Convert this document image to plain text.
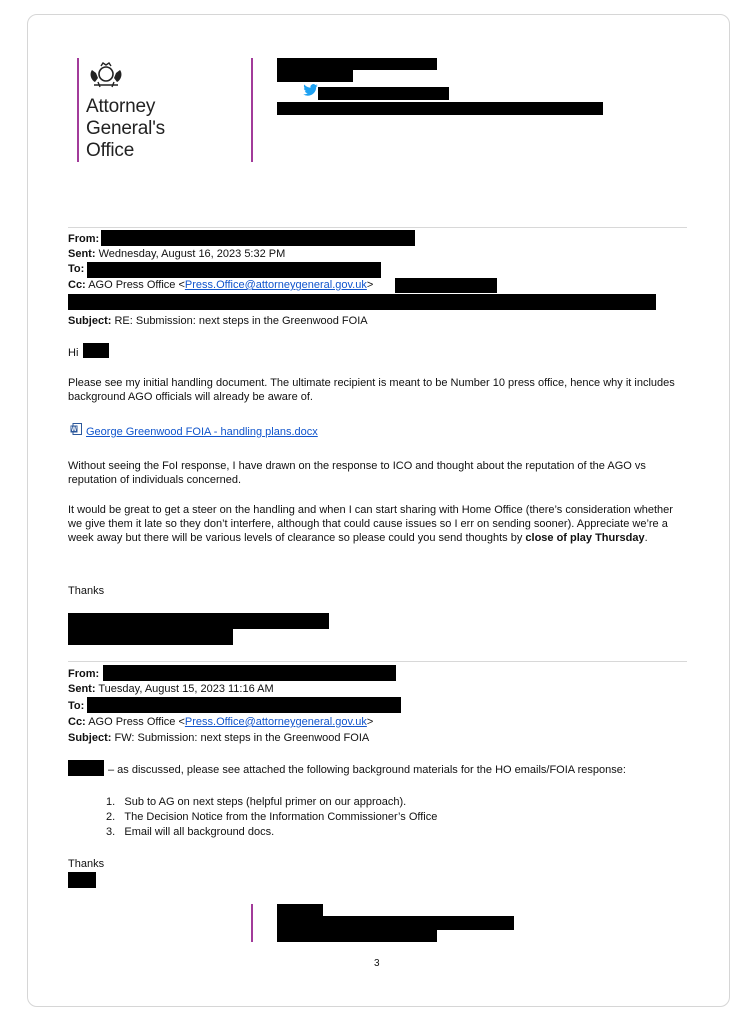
Attorney
General's
Office
From:
Sent: Wednesday, August 16, 2023 5:32 PM
To:
Cc: AGO Press Office <Press.Office@attorneygeneral.gov.uk>
Subject: RE: Submission: next steps in the Greenwood FOIA
Hi
Please see my initial handling document. The ultimate recipient is meant to be Number 10 press office, hence why it includes background AGO officials will already be aware of.
W George Greenwood FOIA - handling plans.docx
Without seeing the FoI response, I have drawn on the response to ICO and thought about the reputation of the AGO vs reputation of individuals concerned.
It would be great to get a steer on the handling and when I can start sharing with Home Office (there’s consideration whether we give them it late so they don’t interfere, although that could cause issues so I err on sending sooner). Appreciate we’re a week away but there will be various levels of clearance so please could you send thoughts by close of play Thursday.
Thanks
From:
Sent: Tuesday, August 15, 2023 11:16 AM
To:
Cc: AGO Press Office <Press.Office@attorneygeneral.gov.uk>
Subject: FW: Submission: next steps in the Greenwood FOIA
– as discussed, please see attached the following background materials for the HO emails/FOIA response:
1. Sub to AG on next steps (helpful primer on our approach).
2. The Decision Notice from the Information Commissioner’s Office
3. Email will all background docs.
Thanks
3
